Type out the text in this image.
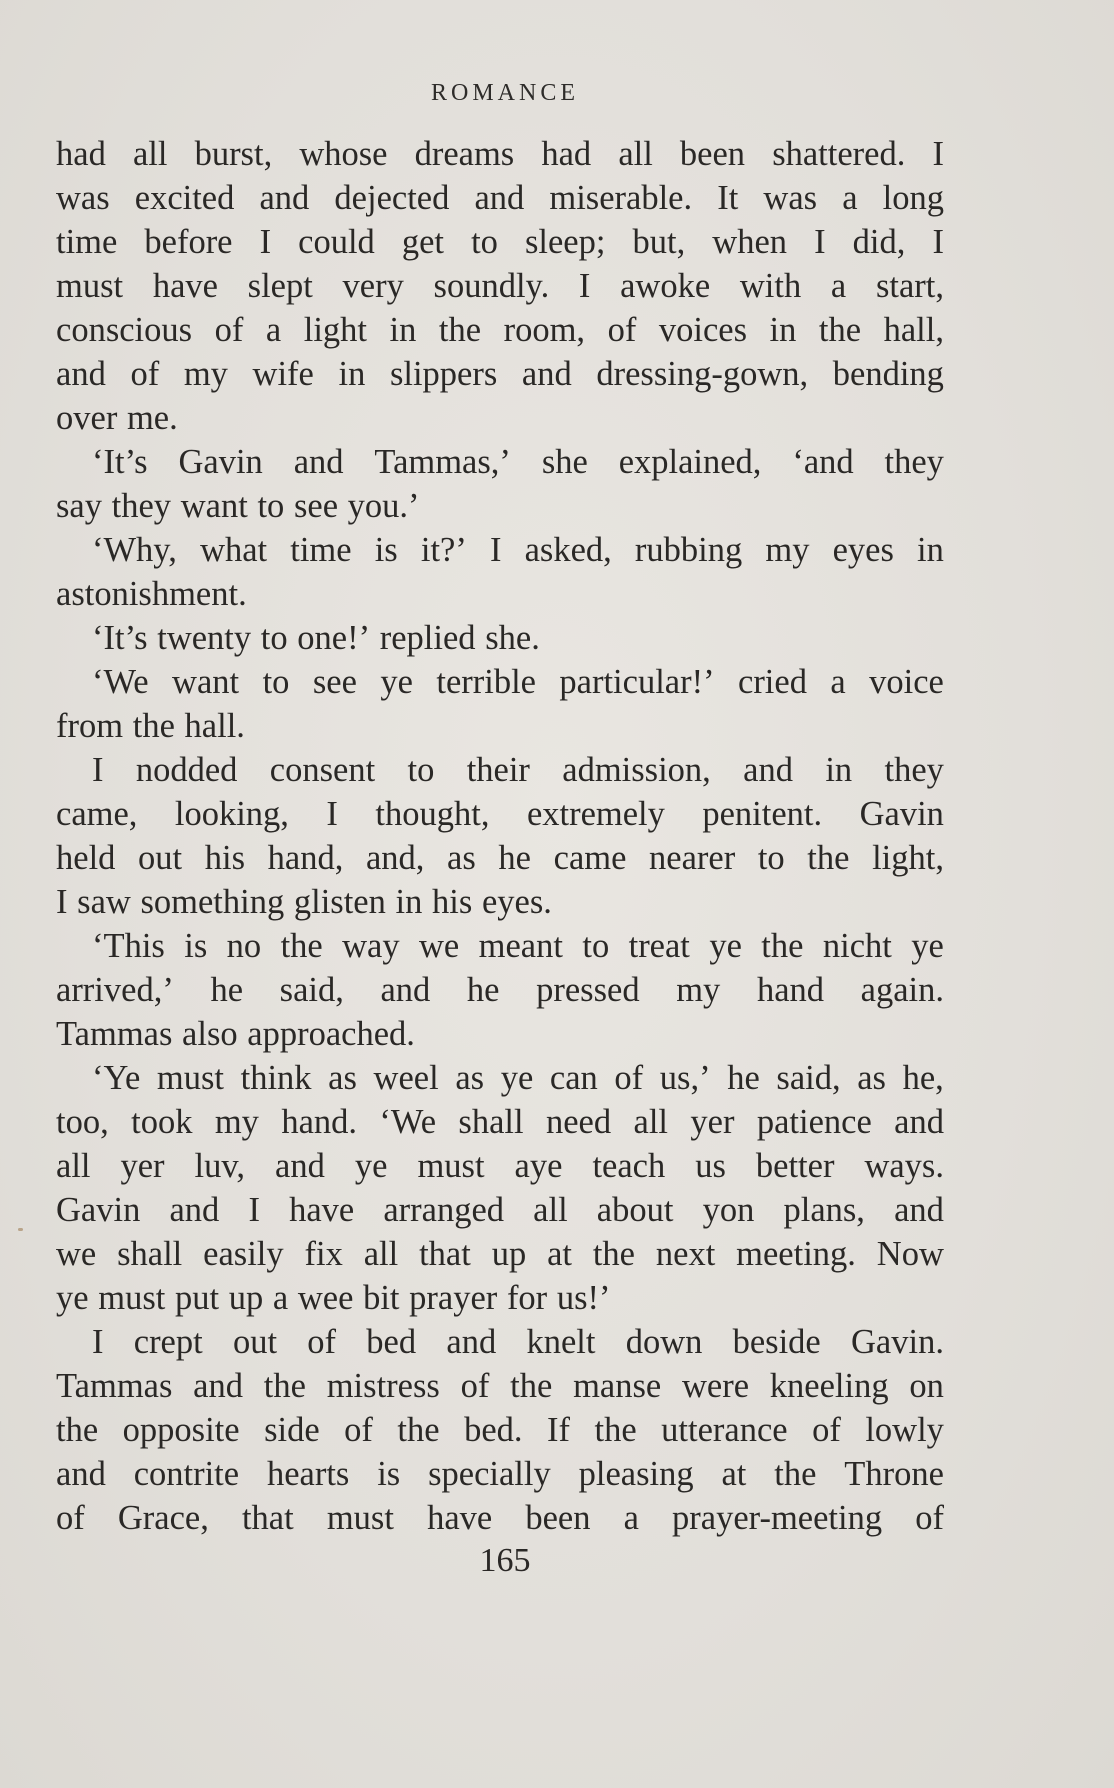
ROMANCE
had all burst, whose dreams had all been shattered. I
was excited and dejected and miserable. It was a long
time before I could get to sleep; but, when I did, I
must have slept very soundly. I awoke with a start,
conscious of a light in the room, of voices in the hall,
and of my wife in slippers and dressing-gown, bending
over me.
‘It’s Gavin and Tammas,’ she explained, ‘and they
say they want to see you.’
‘Why, what time is it?’ I asked, rubbing my eyes in
astonishment.
‘It’s twenty to one!’ replied she.
‘We want to see ye terrible particular!’ cried a voice
from the hall.
I nodded consent to their admission, and in they
came, looking, I thought, extremely penitent. Gavin
held out his hand, and, as he came nearer to the light,
I saw something glisten in his eyes.
‘This is no the way we meant to treat ye the nicht ye
arrived,’ he said, and he pressed my hand again.
Tammas also approached.
‘Ye must think as weel as ye can of us,’ he said, as he,
too, took my hand. ‘We shall need all yer patience and
all yer luv, and ye must aye teach us better ways.
Gavin and I have arranged all about yon plans, and
we shall easily fix all that up at the next meeting. Now
ye must put up a wee bit prayer for us!’
I crept out of bed and knelt down beside Gavin.
Tammas and the mistress of the manse were kneeling on
the opposite side of the bed. If the utterance of lowly
and contrite hearts is specially pleasing at the Throne
of Grace, that must have been a prayer-meeting of
165
